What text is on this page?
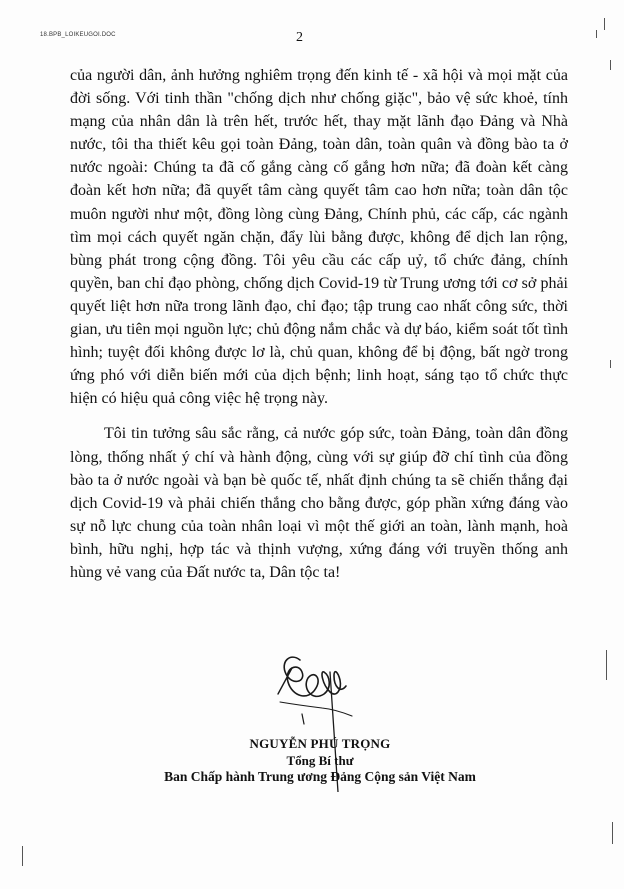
18.BPB_LOIKEUGOI.DOC	2

của người dân, ảnh hưởng nghiêm trọng đến kinh tế - xã hội và mọi mặt của đời sống. Với tinh thần "chống dịch như chống giặc", bảo vệ sức khoẻ, tính mạng của nhân dân là trên hết, trước hết, thay mặt lãnh đạo Đảng và Nhà nước, tôi tha thiết kêu gọi toàn Đảng, toàn dân, toàn quân và đồng bào ta ở nước ngoài: Chúng ta đã cố gắng càng cố gắng hơn nữa; đã đoàn kết càng đoàn kết hơn nữa; đã quyết tâm càng quyết tâm cao hơn nữa; toàn dân tộc muôn người như một, đồng lòng cùng Đảng, Chính phủ, các cấp, các ngành tìm mọi cách quyết ngăn chặn, đẩy lùi bằng được, không để dịch lan rộng, bùng phát trong cộng đồng. Tôi yêu cầu các cấp uỷ, tổ chức đảng, chính quyền, ban chỉ đạo phòng, chống dịch Covid-19 từ Trung ương tới cơ sở phải quyết liệt hơn nữa trong lãnh đạo, chỉ đạo; tập trung cao nhất công sức, thời gian, ưu tiên mọi nguồn lực; chủ động nắm chắc và dự báo, kiểm soát tốt tình hình; tuyệt đối không được lơ là, chủ quan, không để bị động, bất ngờ trong ứng phó với diễn biến mới của dịch bệnh; linh hoạt, sáng tạo tổ chức thực hiện có hiệu quả công việc hệ trọng này.

Tôi tin tưởng sâu sắc rằng, cả nước góp sức, toàn Đảng, toàn dân đồng lòng, thống nhất ý chí và hành động, cùng với sự giúp đỡ chí tình của đồng bào ta ở nước ngoài và bạn bè quốc tế, nhất định chúng ta sẽ chiến thắng đại dịch Covid-19 và phải chiến thắng cho bằng được, góp phần xứng đáng vào sự nỗ lực chung của toàn nhân loại vì một thế giới an toàn, lành mạnh, hoà bình, hữu nghị, hợp tác và thịnh vượng, xứng đáng với truyền thống anh hùng vẻ vang của Đất nước ta, Dân tộc ta!

NGUYỄN PHÚ TRỌNG
Tổng Bí thư
Ban Chấp hành Trung ương Đảng Cộng sản Việt Nam
